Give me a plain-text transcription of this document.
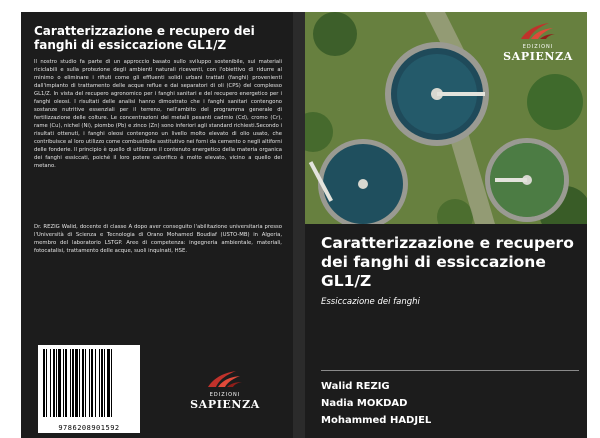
Caratterizzazione e recupero dei fanghi di essiccazione GL1/Z

Il nostro studio fa parte di un approccio basato sullo sviluppo sostenibile, sui materiali riciclabili e sulla protezione degli ambienti naturali riceventi, con l'obiettivo di ridurre al minimo o eliminare i rifiuti come gli effluenti solidi urbani trattati (fanghi) provenienti dall'impianto di trattamento delle acque reflue e dai separatori di oli (CPS) del complesso GL1/Z. In vista del recupero agronomico per i fanghi sanitari e del recupero energetico per i fanghi oleosi. I risultati delle analisi hanno dimostrato che i fanghi sanitari contengono sostanze nutritive essenziali per il terreno, nell'ambito del programma generale di fertilizzazione delle colture. Le concentrazioni dei metalli pesanti cadmio (Cd), cromo (Cr), rame (Cu), nichel (Ni), piombo (Pb) e zinco (Zn) sono inferiori agli standard richiesti.Secondo i risultati ottenuti, i fanghi oleosi contengono un livello molto elevato di olio usato, che contribuisce al loro utilizzo come combustibile sostitutivo nei forni da cemento o negli altiforni delle fonderie. Il principio è quello di utilizzare il contenuto energetico della materia organica dei fanghi essiccati, poiché il loro potere calorifico è molto elevato, vicino a quello del metano.

Dr. REZIG Walid, docente di classe A dopo aver conseguito l'abilitazione universitaria presso l'Università di Scienza e Tecnologia di Orano Mohamed Boudiaf (USTO-MB) in Algeria, membro del laboratorio LSTGP. Aree di competenza: ingegneria ambientale, materiali, fotocatalisi, trattamento delle acque, suoli inquinati, HSE.

9786208901592
EDIZIONI
SAPIENZA
EDIZIONI
SAPIENZA
Caratterizzazione e recupero dei fanghi di essiccazione GL1/Z
Essiccazione dei fanghi
Walid REZIG
Nadia MOKDAD
Mohammed HADJEL
